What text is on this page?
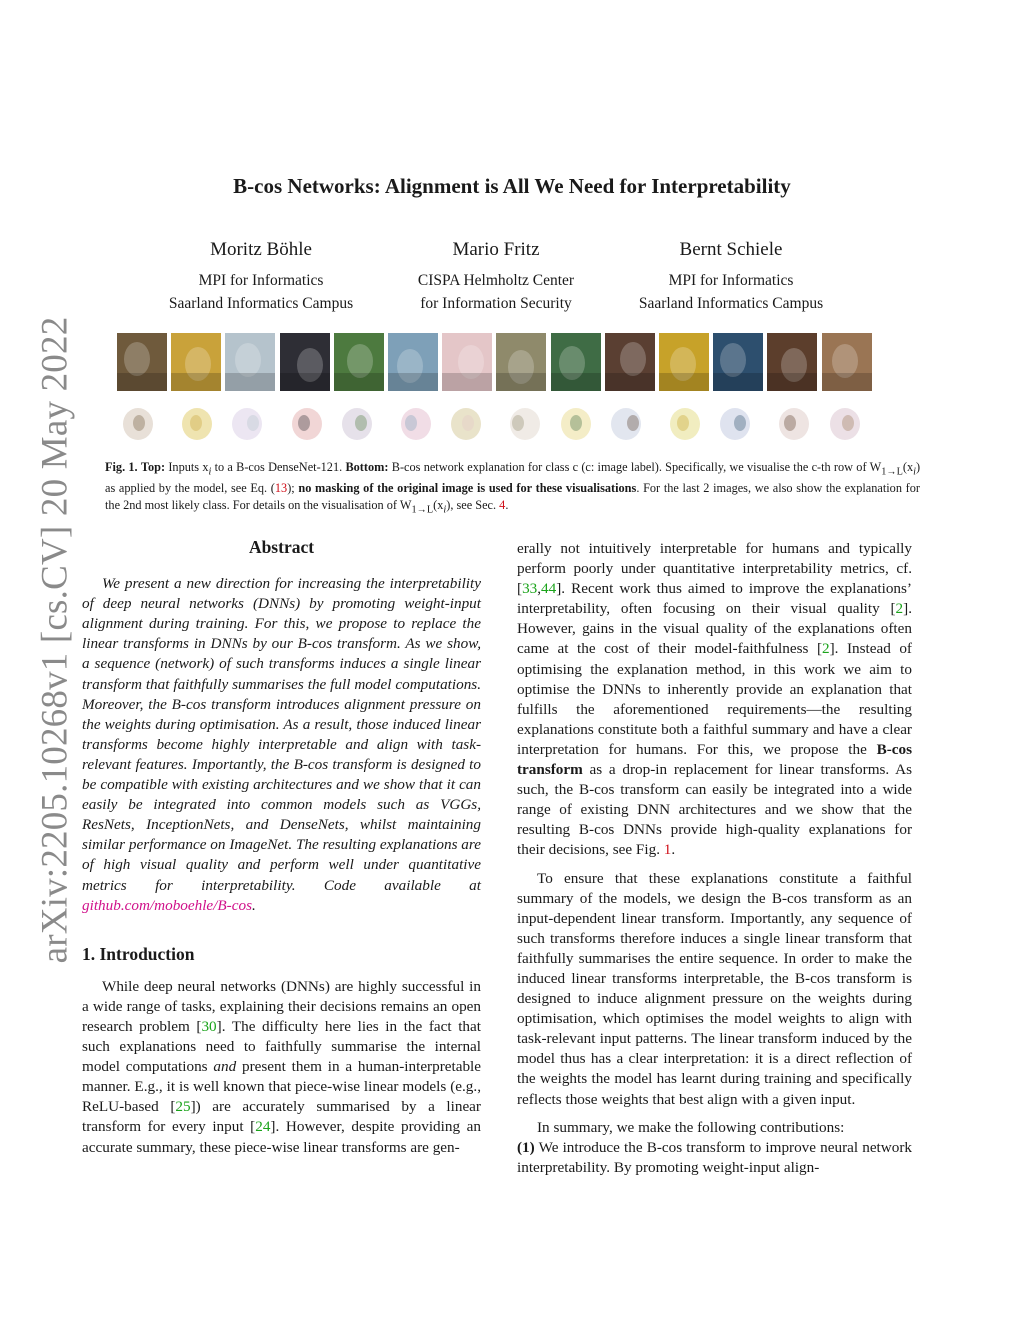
arXiv:2205.10268v1 [cs.CV] 20 May 2022
B-cos Networks: Alignment is All We Need for Interpretability
Moritz Böhle
MPI for Informatics
Saarland Informatics Campus
Mario Fritz
CISPA Helmholtz Center
for Information Security
Bernt Schiele
MPI for Informatics
Saarland Informatics Campus
Fig. 1. Top: Inputs $x_i$ to a B-cos DenseNet-121. Bottom: B-cos network explanation for class c (c: image label). Specifically, we visualise the c-th row of $W_{1\to L}(x_i)$ as applied by the model, see Eq. (13); no masking of the original image is used for these visualisations. For the last 2 images, we also show the explanation for the 2nd most likely class. For details on the visualisation of $W_{1\to L}(x_i)$, see Sec. 4.
Abstract

We present a new direction for increasing the interpretability of deep neural networks (DNNs) by promoting weight-input alignment during training. For this, we propose to replace the linear transforms in DNNs by our B-cos transform. As we show, a sequence (network) of such transforms induces a single linear transform that faithfully summarises the full model computations. Moreover, the B-cos transform introduces alignment pressure on the weights during optimisation. As a result, those induced linear transforms become highly interpretable and align with task-relevant features. Importantly, the B-cos transform is designed to be compatible with existing architectures and we show that it can easily be integrated into common models such as VGGs, ResNets, InceptionNets, and DenseNets, whilst maintaining similar performance on ImageNet. The resulting explanations are of high visual quality and perform well under quantitative metrics for interpretability. Code available at github.com/moboehle/B-cos.

1. Introduction

While deep neural networks (DNNs) are highly successful in a wide range of tasks, explaining their decisions remains an open research problem [30]. The difficulty here lies in the fact that such explanations need to faithfully summarise the internal model computations and present them in a human-interpretable manner. E.g., it is well known that piece-wise linear models (e.g., ReLU-based [25]) are accurately summarised by a linear transform for every input [24]. However, despite providing an accurate summary, these piece-wise linear transforms are gen-

erally not intuitively interpretable for humans and typically perform poorly under quantitative interpretability metrics, cf. [33,44]. Recent work thus aimed to improve the explanations’ interpretability, often focusing on their visual quality [2]. However, gains in the visual quality of the explanations often came at the cost of their model-faithfulness [2]. Instead of optimising the explanation method, in this work we aim to optimise the DNNs to inherently provide an explanation that fulfills the aforementioned requirements—the resulting explanations constitute both a faithful summary and have a clear interpretation for humans. For this, we propose the B-cos transform as a drop-in replacement for linear transforms. As such, the B-cos transform can easily be integrated into a wide range of existing DNN architectures and we show that the resulting B-cos DNNs provide high-quality explanations for their decisions, see Fig. 1.

To ensure that these explanations constitute a faithful summary of the models, we design the B-cos transform as an input-dependent linear transform. Importantly, any sequence of such transforms therefore induces a single linear transform that faithfully summarises the entire sequence. In order to make the induced linear transforms interpretable, the B-cos transform is designed to induce alignment pressure on the weights during optimisation, which optimises the model weights to align with task-relevant input patterns. The linear transform induced by the model thus has a clear interpretation: it is a direct reflection of the weights the model has learnt during training and specifically reflects those weights that best align with a given input.

In summary, we make the following contributions:

(1) We introduce the B-cos transform to improve neural network interpretability. By promoting weight-input align-
